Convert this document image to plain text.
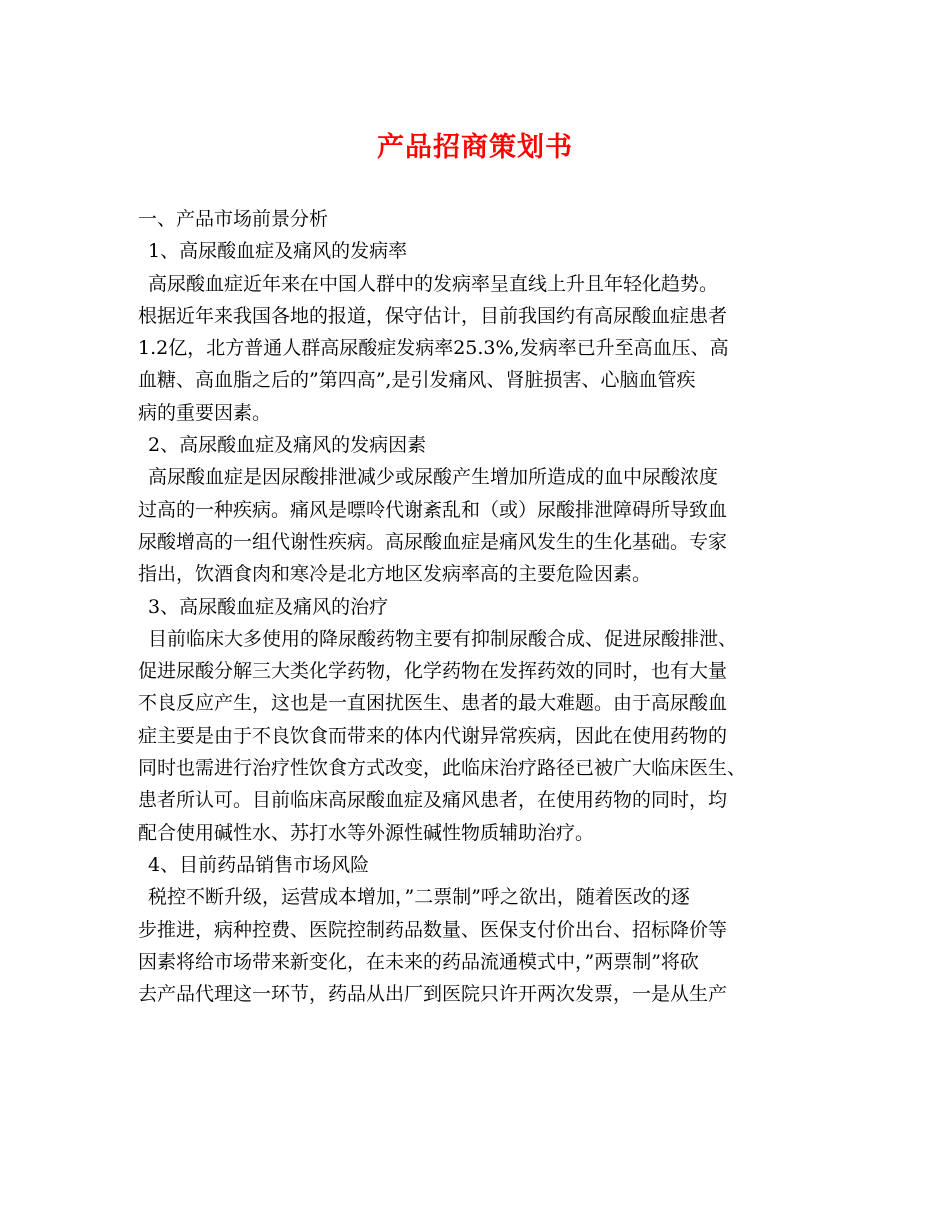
产品招商策划书
一、产品市场前景分析
1、高尿酸血症及痛风的发病率
高尿酸血症近年来在中国人群中的发病率呈直线上升且年轻化趋势。
根据近年来我国各地的报道，保守估计，目前我国约有高尿酸血症患者
1.2亿，北方普通人群高尿酸症发病率25.3%,发病率已升至高血压、高
血糖、高血脂之后的”第四高”,是引发痛风、肾脏损害、心脑血管疾
病的重要因素。
2、高尿酸血症及痛风的发病因素
高尿酸血症是因尿酸排泄减少或尿酸产生增加所造成的血中尿酸浓度
过高的一种疾病。痛风是嘌呤代谢紊乱和（或）尿酸排泄障碍所导致血
尿酸增高的一组代谢性疾病。高尿酸血症是痛风发生的生化基础。专家
指出，饮酒食肉和寒冷是北方地区发病率高的主要危险因素。
3、高尿酸血症及痛风的治疗
目前临床大多使用的降尿酸药物主要有抑制尿酸合成、促进尿酸排泄、
促进尿酸分解三大类化学药物，化学药物在发挥药效的同时，也有大量
不良反应产生，这也是一直困扰医生、患者的最大难题。由于高尿酸血
症主要是由于不良饮食而带来的体内代谢异常疾病，因此在使用药物的
同时也需进行治疗性饮食方式改变，此临床治疗路径已被广大临床医生、
患者所认可。目前临床高尿酸血症及痛风患者，在使用药物的同时，均
配合使用碱性水、苏打水等外源性碱性物质辅助治疗。
4、目前药品销售市场风险
税控不断升级，运营成本增加，”二票制”呼之欲出，随着医改的逐
步推进，病种控费、医院控制药品数量、医保支付价出台、招标降价等
因素将给市场带来新变化，在未来的药品流通模式中，”两票制”将砍
去产品代理这一环节，药品从出厂到医院只许开两次发票，一是从生产
